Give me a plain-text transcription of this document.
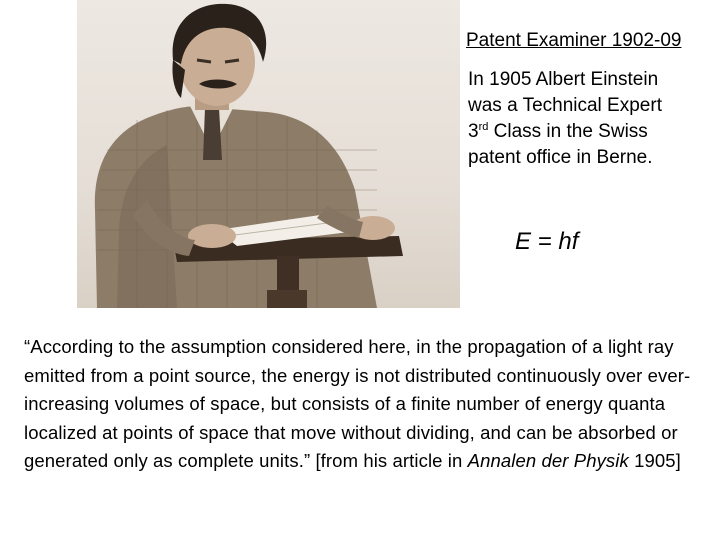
Patent Examiner 1902-09
In 1905 Albert Einstein
was a Technical Expert
3rd Class in the Swiss
patent office in Berne.
E = hf
“According to the assumption considered here, in the propagation of a light ray emitted from a point source, the energy is not distributed continuously over ever-increasing volumes of space, but consists of a finite number of energy quanta localized at points of space that move without dividing, and can be absorbed or generated only as complete units.” [from his article in Annalen der Physik 1905]
